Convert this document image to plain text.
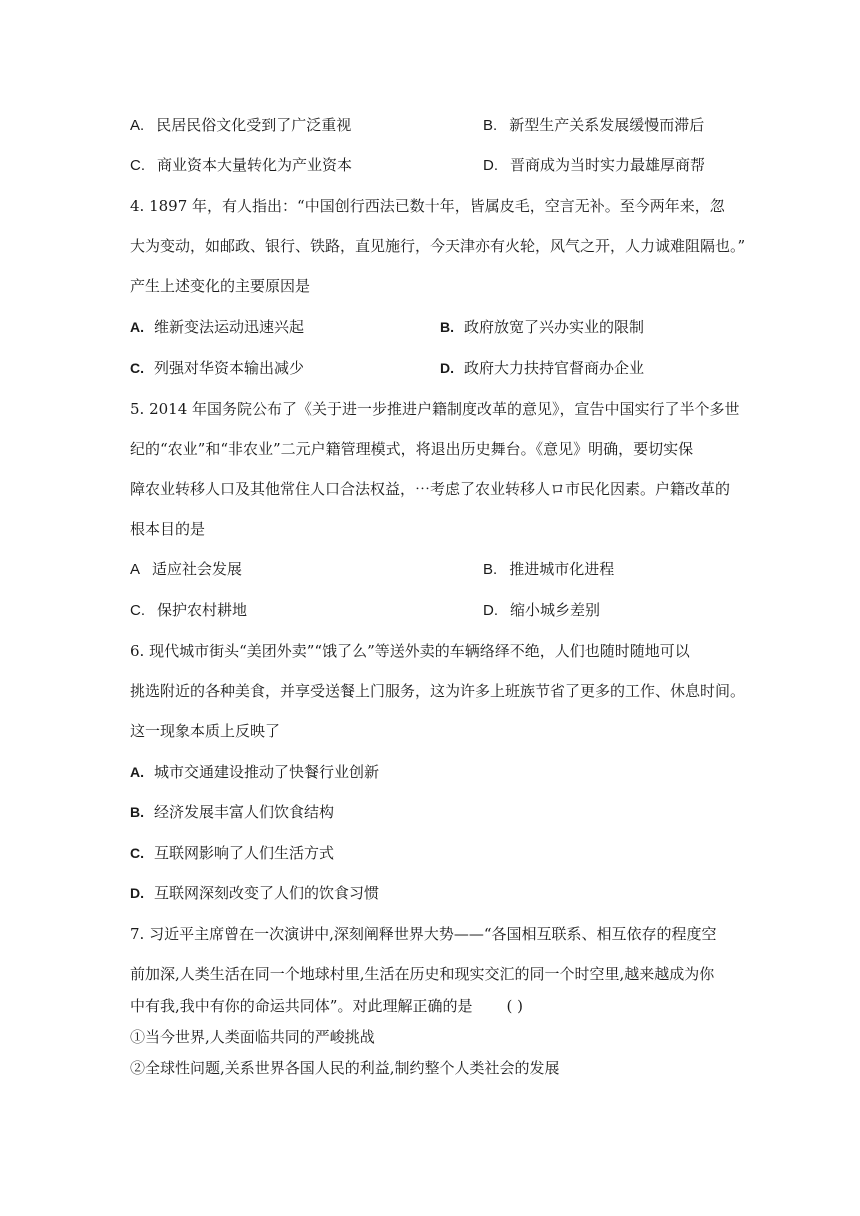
A. 民居民俗文化受到了广泛重视	B. 新型生产关系发展缓慢而滞后
C. 商业资本大量转化为产业资本	D. 晋商成为当时实力最雄厚商帮
4. 1897 年，有人指出：“中国创行西法已数十年，皆属皮毛，空言无补。至今两年来，忽
大为变动，如邮政、银行、铁路，直见施行，今天津亦有火轮，风气之开，人力诚难阻隔也。”
产生上述变化的主要原因是
A. 维新变法运动迅速兴起	B. 政府放宽了兴办实业的限制
C. 列强对华资本输出减少	D. 政府大力扶持官督商办企业
5. 2014 年国务院公布了《关于进一步推进户籍制度改革的意见》，宣告中国实行了半个多世
纪的“农业”和“非农业”二元户籍管理模式，将退出历史舞台。《意见》明确，要切实保
障农业转移人口及其他常住人口合法权益，⋯考虑了农业转移人ロ市民化因素。户籍改革的
根本目的是
A 适应社会发展	B. 推进城市化进程
C. 保护农村耕地	D. 缩小城乡差别
6. 现代城市街头“美团外卖”“饿了么”等送外卖的车辆络绎不绝，人们也随时随地可以
挑选附近的各种美食，并享受送餐上门服务，这为许多上班族节省了更多的工作、休息时间。
这一现象本质上反映了
A. 城市交通建设推动了快餐行业创新
B. 经济发展丰富人们饮食结构
C. 互联网影响了人们生活方式
D. 互联网深刻改变了人们的饮食习惯
7. 习近平主席曾在一次演讲中,深刻阐释世界大势——“各国相互联系、相互依存的程度空
前加深,人类生活在同一个地球村里,生活在历史和现实交汇的同一个时空里,越来越成为你
中有我,我中有你的命运共同体”。对此理解正确的是 ( )
①当今世界,人类面临共同的严峻挑战
②全球性问题,关系世界各国人民的利益,制约整个人类社会的发展
